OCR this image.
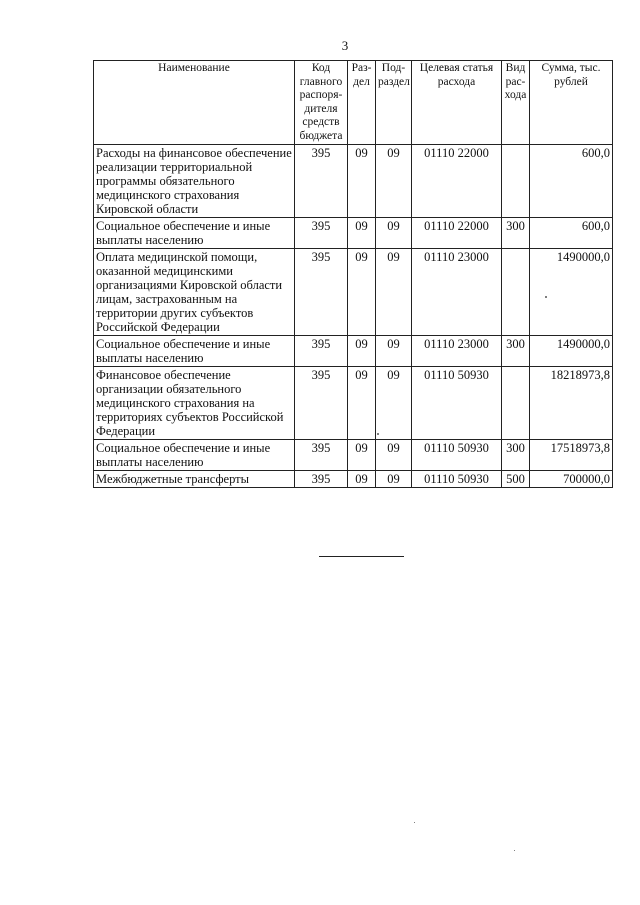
3
Наименование	Код главного распоря-дителя средств бюджета	Раз-дел	Под-раздел	Целевая статья расхода	Вид рас-хода	Сумма, тыс. рублей
Расходы на финансовое обеспечение реализации территориальной программы обязательного медицинского страхования Кировской области	395	09	09	01110 22000		600,0
Социальное обеспечение и иные выплаты населению	395	09	09	01110 22000	300	600,0
Оплата медицинской помощи, оказанной медицинскими организациями Кировской области лицам, застрахованным на территории других субъектов Российской Федерации	395	09	09	01110 23000		1490000,0
Социальное обеспечение и иные выплаты населению	395	09	09	01110 23000	300	1490000,0
Финансовое обеспечение организации обязательного медицинского страхования на территориях субъектов Российской Федерации	395	09	09	01110 50930		18218973,8
Социальное обеспечение и иные выплаты населению	395	09	09	01110 50930	300	17518973,8
Межбюджетные трансферты	395	09	09	01110 50930	500	700000,0
